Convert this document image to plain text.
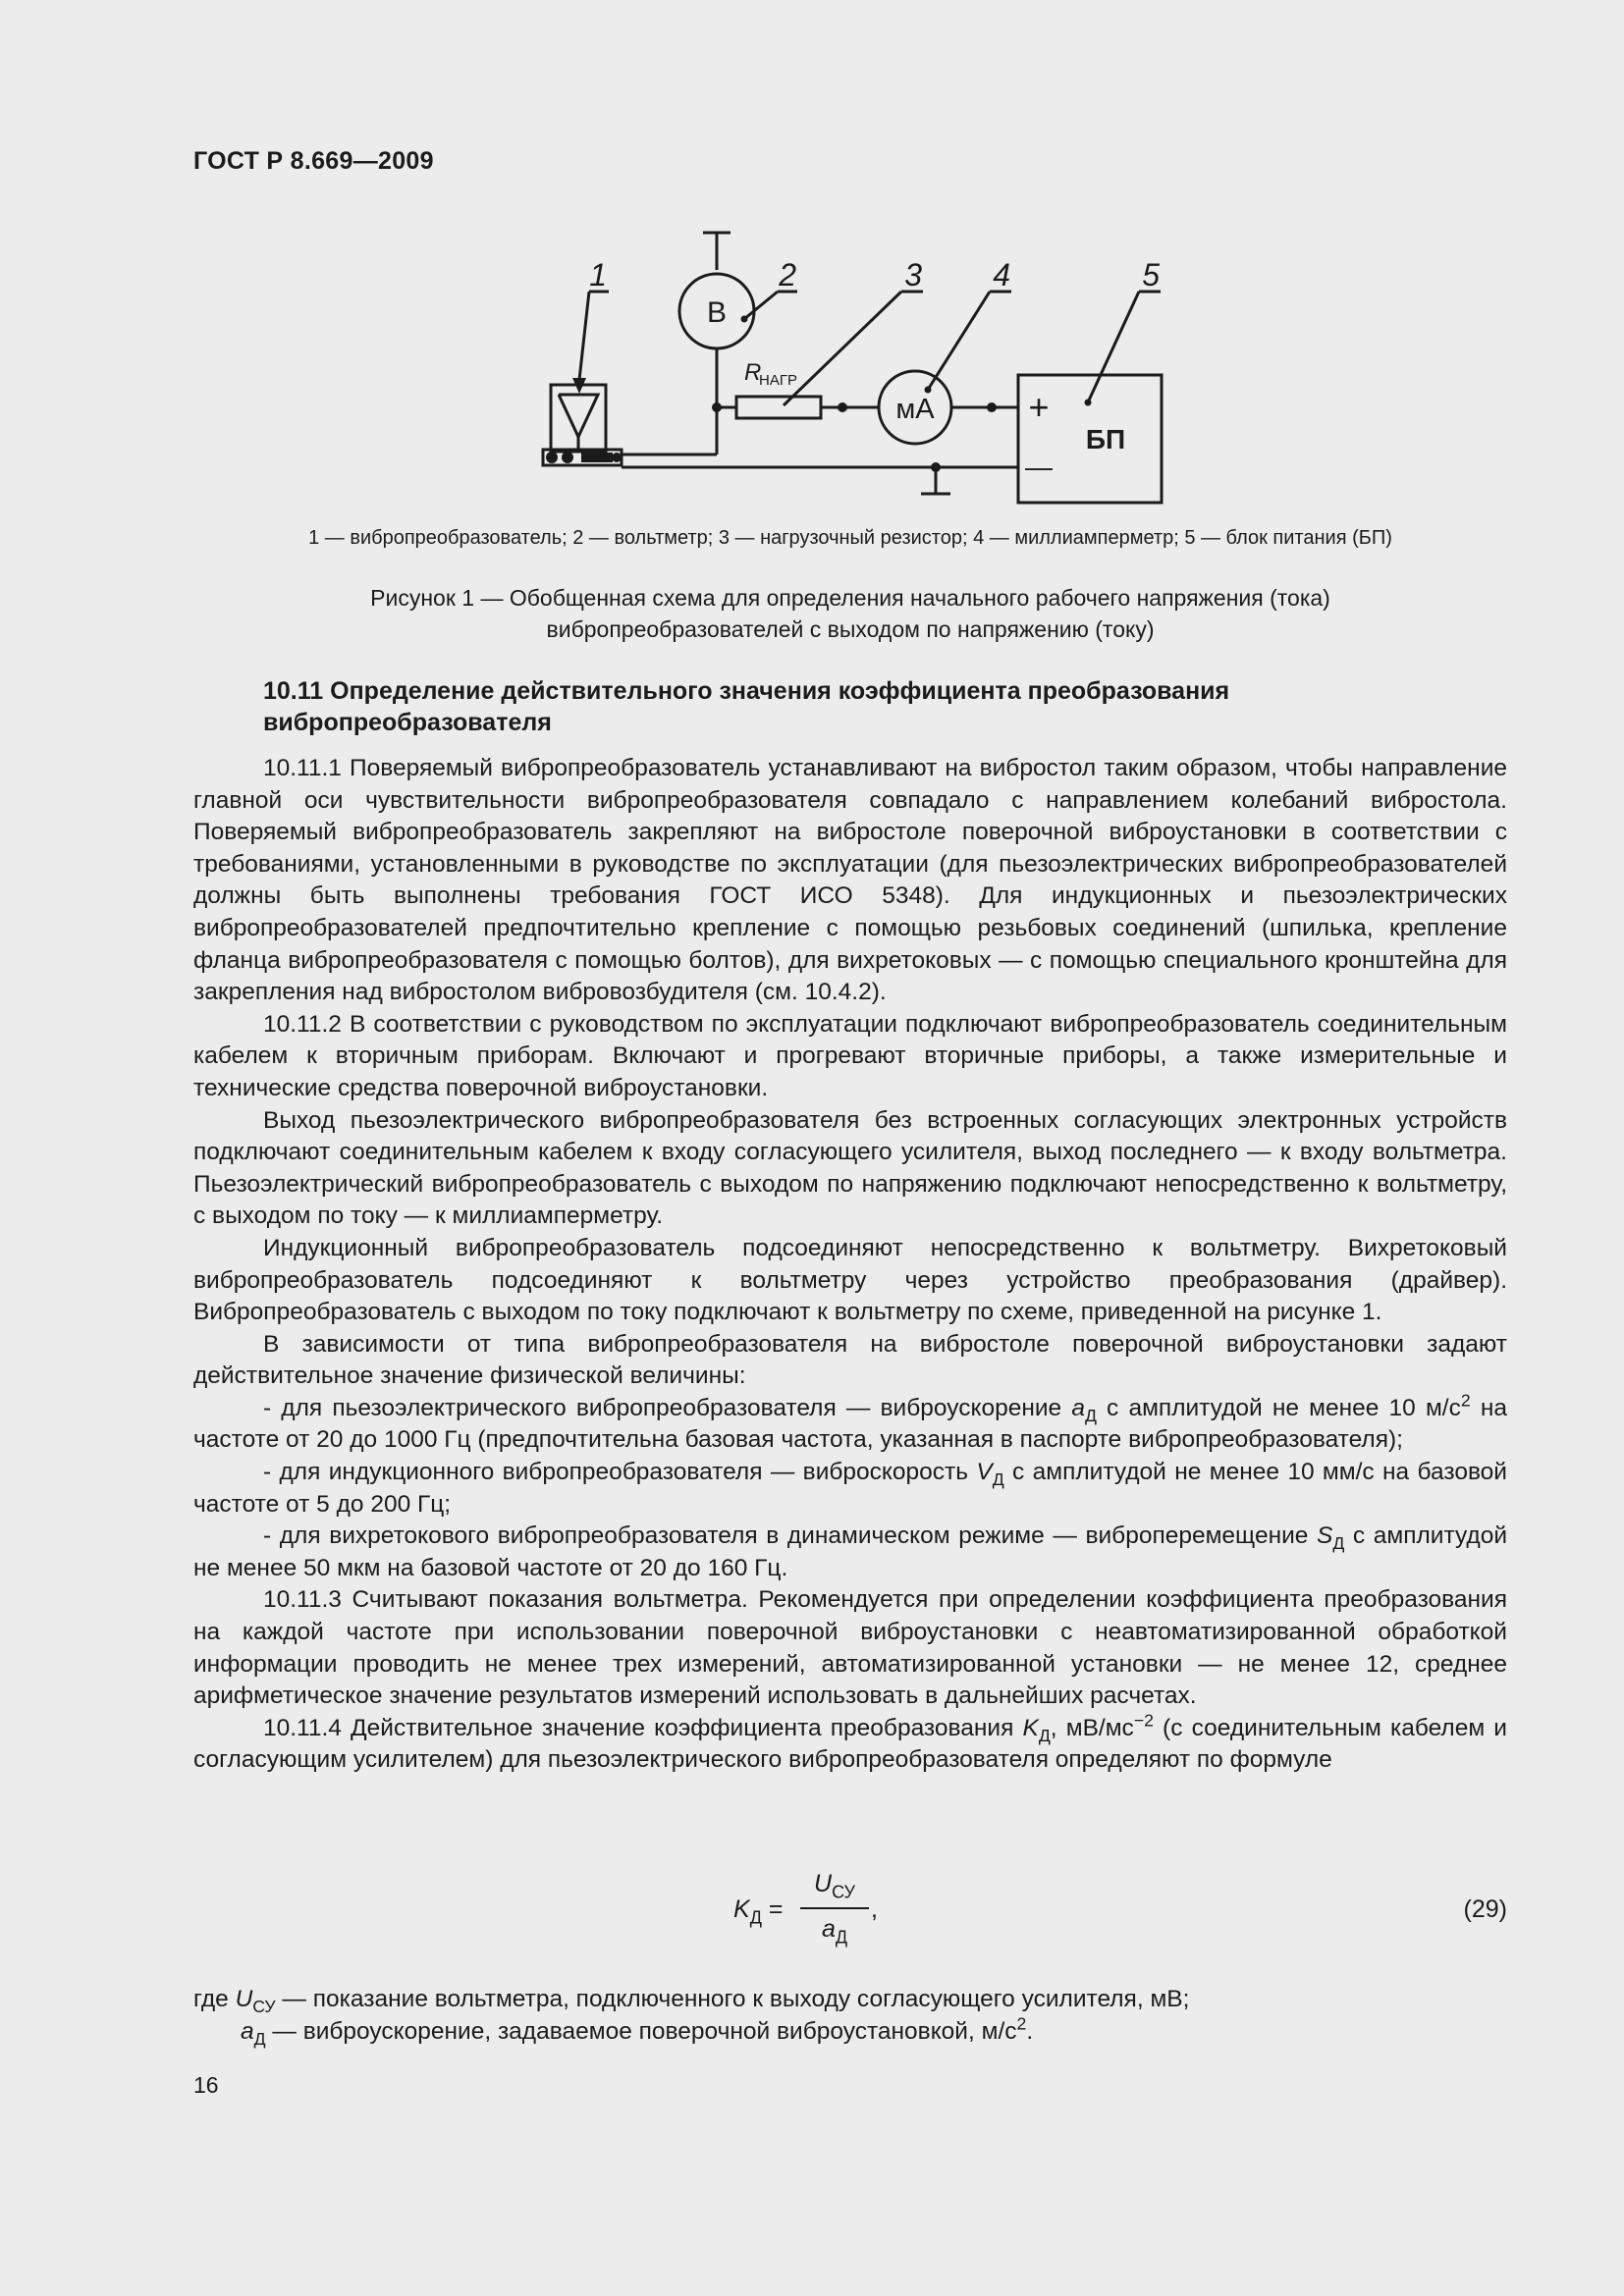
ГОСТ Р 8.669—2009
1	2	3 4	5
В
R
НАГР
мА
БП
+
—
1 — вибропреобразователь; 2 — вольтметр; 3 — нагрузочный резистор; 4 — миллиамперметр; 5 — блок питания (БП)
Рисунок 1 — Обобщенная схема для определения начального рабочего напряжения (тока)
вибропреобразователей с выходом по напряжению (току)
10.11 Определение действительного значения коэффициента преобразования
вибропреобразователя

10.11.1 Поверяемый вибропреобразователь устанавливают на вибростол таким образом, чтобы направление главной оси чувствительности вибропреобразователя совпадало с направлением колебаний вибростола. Поверяемый вибропреобразователь закрепляют на вибростоле поверочной виброустановки в соответствии с требованиями, установленными в руководстве по эксплуатации (для пьезоэлектрических вибропреобразователей должны быть выполнены требования ГОСТ ИСО 5348). Для индукционных и пьезоэлектрических вибропреобразователей предпочтительно крепление с помощью резьбовых соединений (шпилька, крепление фланца вибропреобразователя с помощью болтов), для вихретоковых — с помощью специального кронштейна для закрепления над вибростолом вибровозбудителя (см. 10.4.2).

10.11.2 В соответствии с руководством по эксплуатации подключают вибропреобразователь соединительным кабелем к вторичным приборам. Включают и прогревают вторичные приборы, а также измерительные и технические средства поверочной виброустановки.

Выход пьезоэлектрического вибропреобразователя без встроенных согласующих электронных устройств подключают соединительным кабелем к входу согласующего усилителя, выход последнего — к входу вольтметра. Пьезоэлектрический вибропреобразователь с выходом по напряжению подключают непосредственно к вольтметру, с выходом по току — к миллиамперметру.

Индукционный вибропреобразователь подсоединяют непосредственно к вольтметру. Вихретоковый вибропреобразователь подсоединяют к вольтметру через устройство преобразования (драйвер). Вибропреобразователь с выходом по току подключают к вольтметру по схеме, приведенной на рисунке 1.

В зависимости от типа вибропреобразователя на вибростоле поверочной виброустановки задают действительное значение физической величины:

- для пьезоэлектрического вибропреобразователя — виброускорение $a_Д$ с амплитудой не менее 10 $м/с^2$ на частоте от 20 до 1000 Гц (предпочтительна базовая частота, указанная в паспорте вибропреобразователя);

- для индукционного вибропреобразователя — виброскорость $V_Д$ с амплитудой не менее 10 мм/с на базовой частоте от 5 до 200 Гц;

- для вихретокового вибропреобразователя в динамическом режиме — виброперемещение $S_Д$ с амплитудой не менее 50 мкм на базовой частоте от 20 до 160 Гц.

10.11.3 Считывают показания вольтметра. Рекомендуется при определении коэффициента преобразования на каждой частоте при использовании поверочной виброустановки с неавтоматизированной обработкой информации проводить не менее трех измерений, автоматизированной установки — не менее 12, среднее арифметическое значение результатов измерений использовать в дальнейших расчетах.

10.11.4 Действительное значение коэффициента преобразования $K_Д$, $мВ/мс^{-2}$ (с соединительным кабелем и согласующим усилителем) для пьезоэлектрического вибропреобразователя определяют по формуле

$K_Д$ =
$U_{СУ}$
$a_Д$
,	(29)
где $U_{СУ}$ — показание вольтметра, подключенного к выходу согласующего усилителя, мВ;
$a_Д$ — виброускорение, задаваемое поверочной виброустановкой, $м/с^2$.
16
